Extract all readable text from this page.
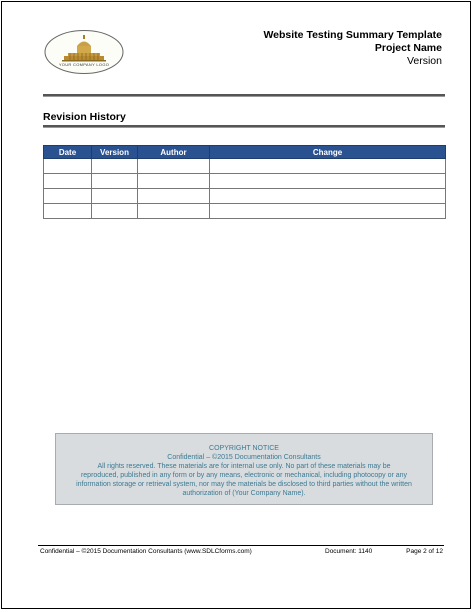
YOUR COMPANY LOGO
Website Testing Summary Template
Project Name
Version
Revision History
Date	Version	Author	Change

COPYRIGHT NOTICE
Confidential – ©2015 Documentation Consultants
All rights reserved. These materials are for internal use only. No part of these materials may be
reproduced, published in any form or by any means, electronic or mechanical, including photocopy or any
information storage or retrieval system, nor may the materials be disclosed to third parties without the written
authorization of (Your Company Name).
Confidential – ©2015 Documentation Consultants (www.SDLCforms.com)	Document: 1140	Page 2 of 12
